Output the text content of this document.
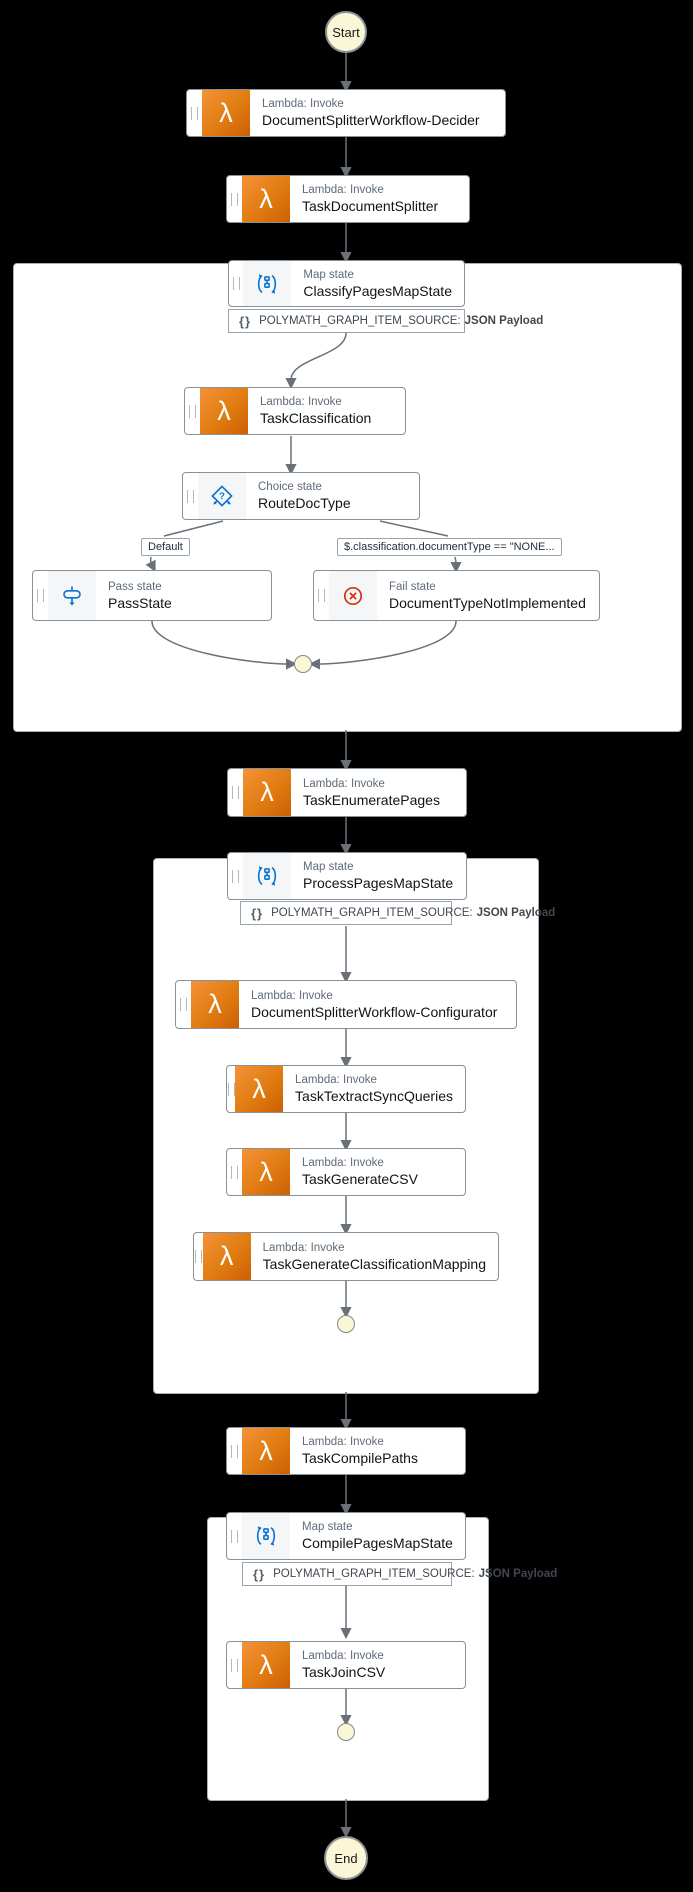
Start
λ	Lambda: Invoke
DocumentSplitterWorkflow-Decider
λ	Lambda: Invoke
TaskDocumentSplitter
Map state
ClassifyPagesMapState
{} POLYMATH_GRAPH_ITEM_SOURCE: JSON Payload
λ	Lambda: Invoke
TaskClassification
?
Choice state
RouteDocType
Default	$.classification.documentType == "NONE...
Pass state
PassState
Fail state
DocumentTypeNotImplemented
λ	Lambda: Invoke
TaskEnumeratePages
Map state
ProcessPagesMapState
{} POLYMATH_GRAPH_ITEM_SOURCE: JSON Payload
λ	Lambda: Invoke
DocumentSplitterWorkflow-Configurator
λ	Lambda: Invoke
TaskTextractSyncQueries
λ	Lambda: Invoke
TaskGenerateCSV
λ	Lambda: Invoke
TaskGenerateClassificationMapping
λ	Lambda: Invoke
TaskCompilePaths
Map state
CompilePagesMapState
{} POLYMATH_GRAPH_ITEM_SOURCE: JSON Payload
λ	Lambda: Invoke
TaskJoinCSV
End
